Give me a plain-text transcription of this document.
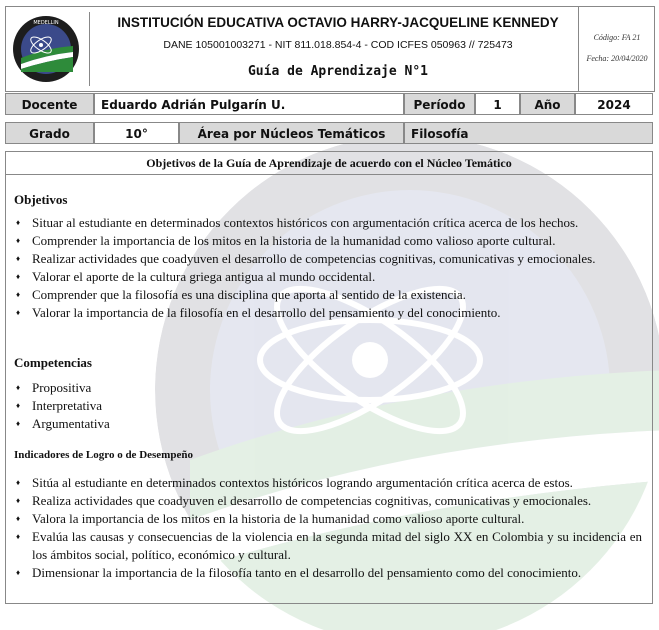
MEDELLIN	INSTITUCIÓN EDUCATIVA OCTAVIO HARRY-JACQUELINE KENNEDY
DANE 105001003271 - NIT 811.018.854-4 - COD ICFES 050963 // 725473
Guía de Aprendizaje N°1
Código: FA 21
Fecha: 20/04/2020
Docente	Eduardo Adrián Pulgarín U.	Período	1	Año	2024
Grado	10°	Área por Núcleos Temáticos	Filosofía
Objetivos de la Guía de Aprendizaje de acuerdo con el Núcleo Temático
Objetivos
♦ Situar al estudiante en determinados contextos históricos con argumentación crítica acerca de los hechos.
♦ Comprender la importancia de los mitos en la historia de la humanidad como valioso aporte cultural.
♦ Realizar actividades que coadyuven el desarrollo de competencias cognitivas, comunicativas y emocionales.
♦ Valorar el aporte de la cultura griega antigua al mundo occidental.
♦ Comprender que la filosofía es una disciplina que aporta al sentido de la existencia.
♦ Valorar la importancia de la filosofía en el desarrollo del pensamiento y del conocimiento.
Competencias
♦ Propositiva
♦ Interpretativa
♦ Argumentativa
Indicadores de Logro o de Desempeño
♦ Sitúa al estudiante en determinados contextos históricos logrando argumentación crítica acerca de estos.
♦ Realiza actividades que coadyuven el desarrollo de competencias cognitivas, comunicativas y emocionales.
♦ Valora la importancia de los mitos en la historia de la humanidad como valioso aporte cultural.
♦ Evalúa las causas y consecuencias de la violencia en la segunda mitad del siglo XX en Colombia y su incidencia en los ámbitos social, político, económico y cultural.
♦ Dimensionar la importancia de la filosofía tanto en el desarrollo del pensamiento como del conocimiento.
